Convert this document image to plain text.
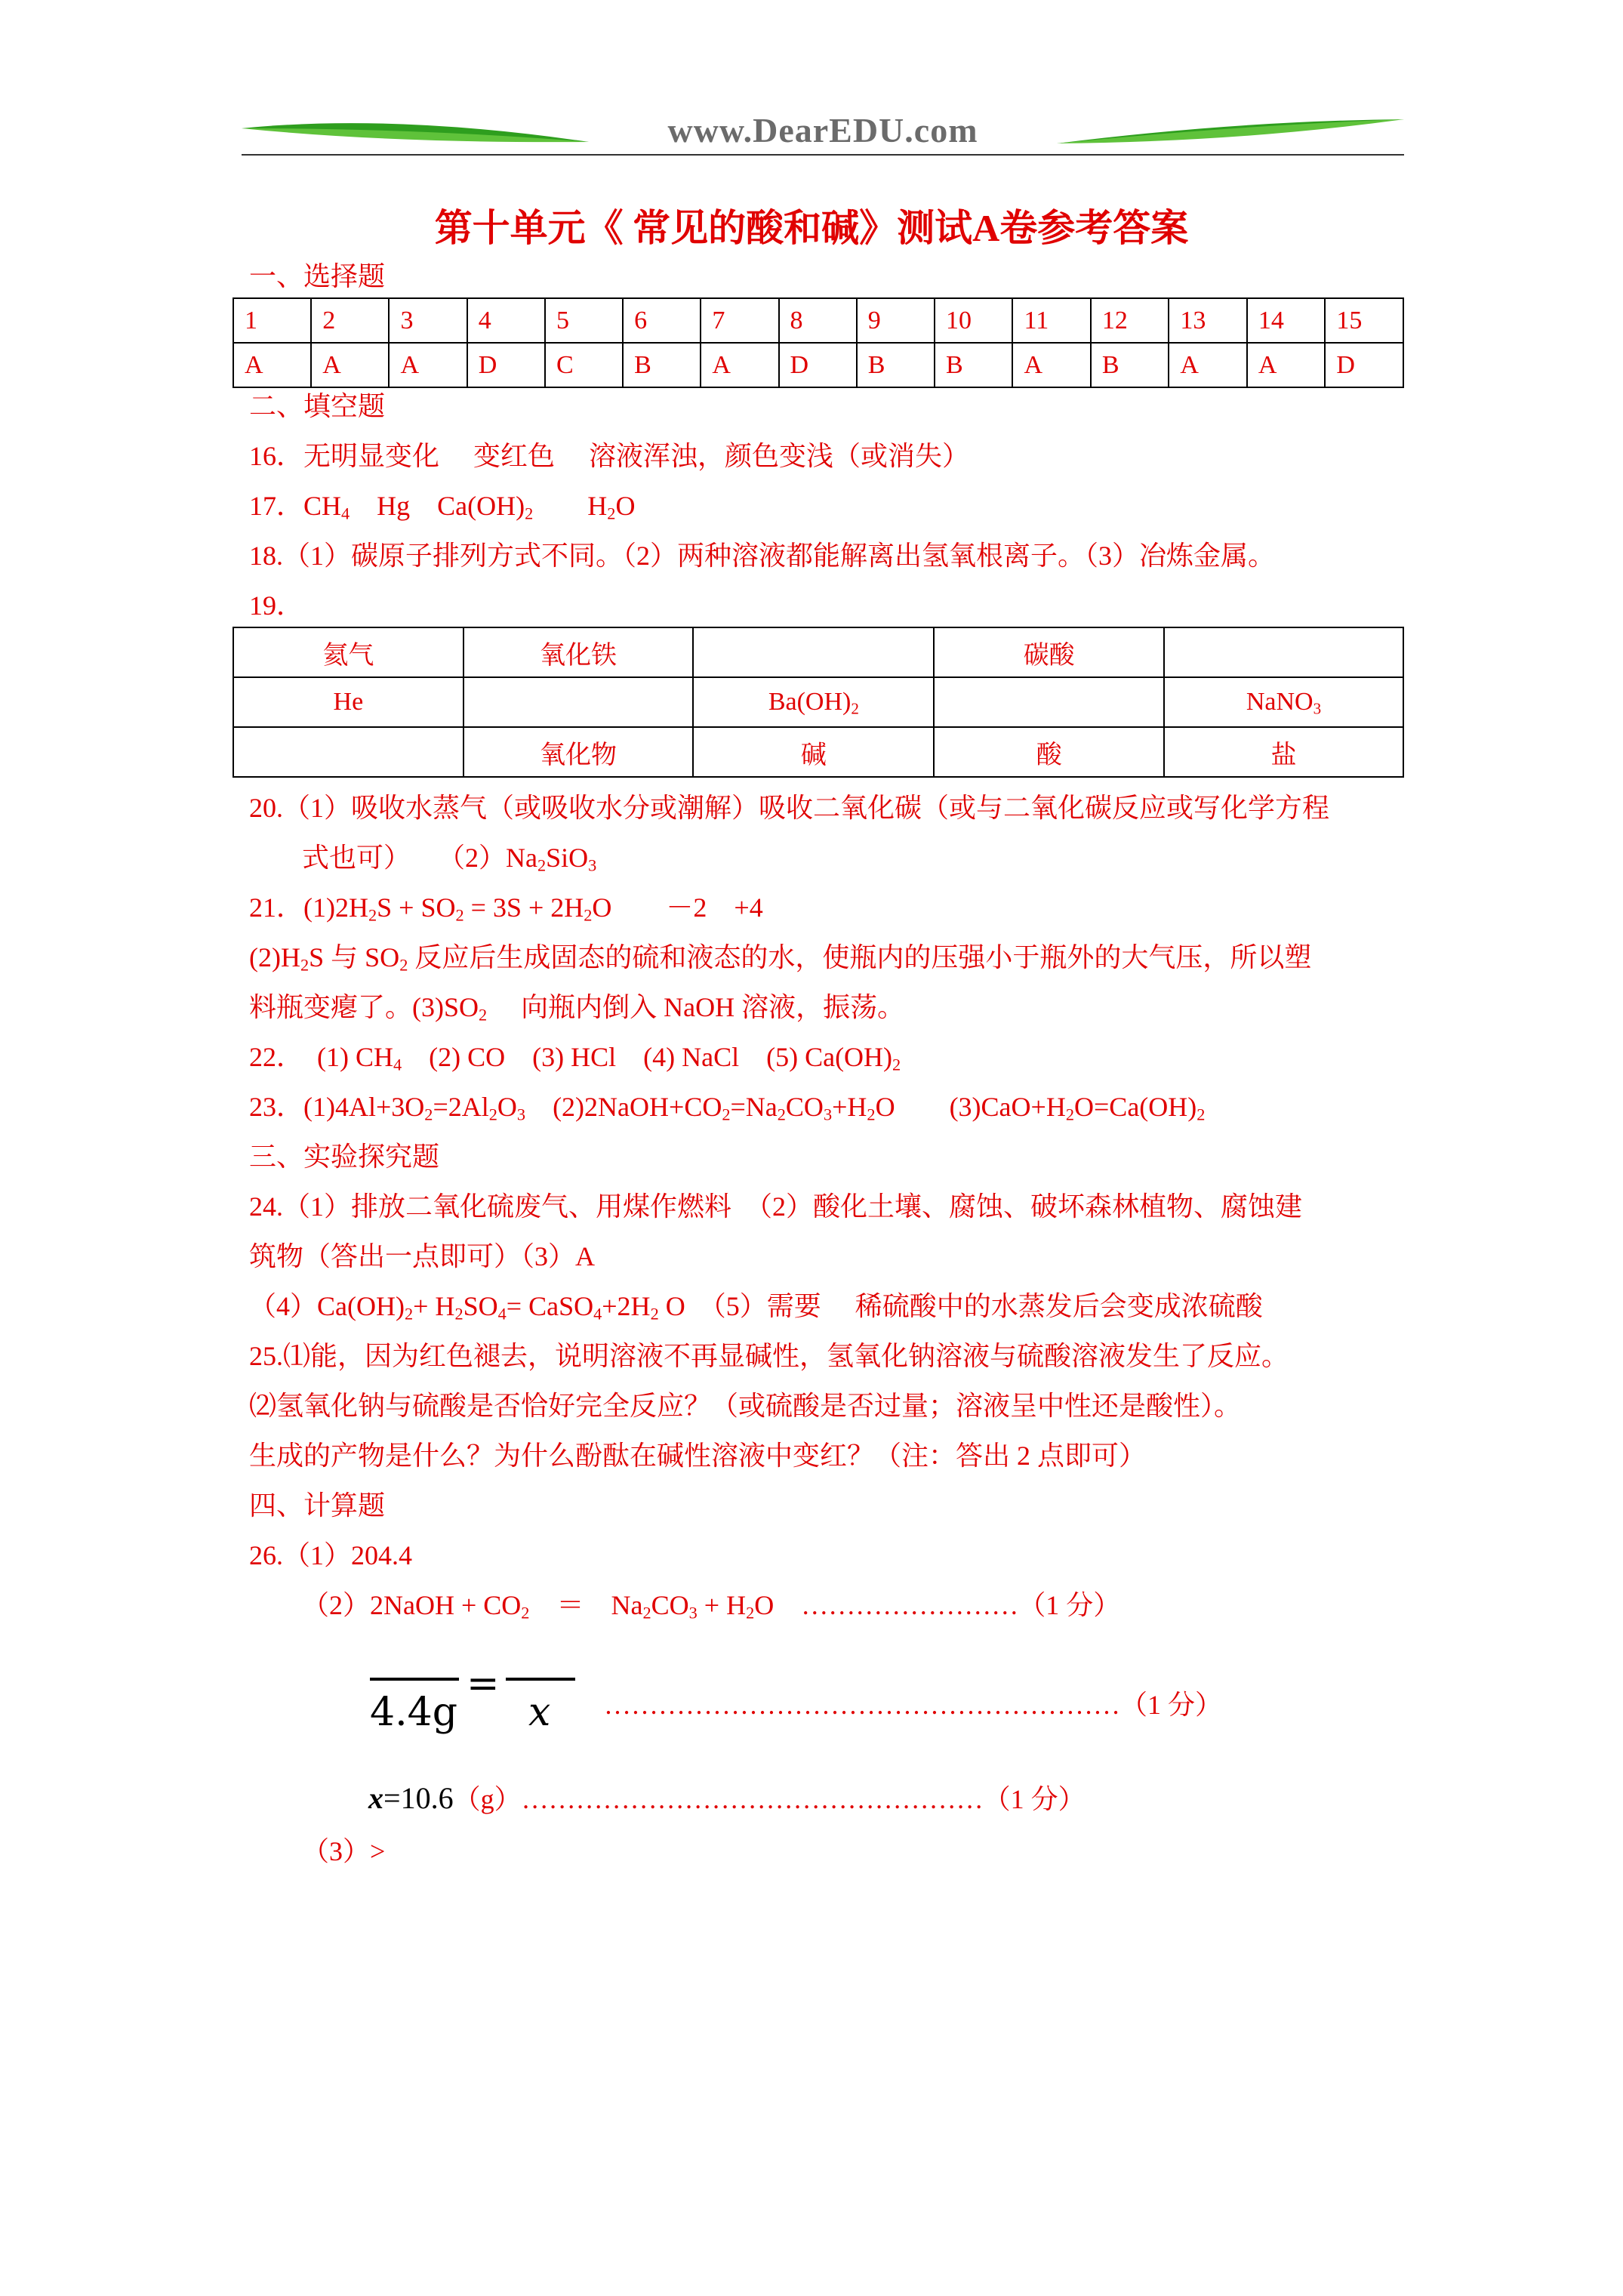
www.DearEDU.com
第十单元《 常见的酸和碱》测试A卷参考答案
一、选择题
1	2	3	4	5	6	7	8	9	10	11	12	13	14	15
A	A	A	D	C	B	A	D	B	B	A	B	A	A	D
二、填空题
16．无明显变化　 变红色　 溶液浑浊，颜色变浅（或消失）
17．$CH_4$　Hg　$Ca(OH)_2$　　$H_2O$
18.（1）碳原子排列方式不同。（2）两种溶液都能解离出氢氧根离子。（3）冶炼金属。
19．
氦气	氧化铁		碳酸	
He		$Ba(OH)_2$		NaNO$_3$
	氧化物	碱	酸	盐
20.（1）吸收水蒸气（或吸收水分或潮解）吸收二氧化碳（或与二氧化碳反应或写化学方程
式也可）　　$(2)Na_2SiO_3$
21．$(1)2H_2S + SO_2 = 3S + 2H_2O$　　－2　+4
$(2)H_2S$ 与 $SO_2$ 反应后生成固态的硫和液态的水，使瓶内的压强小于瓶外的大气压，所以塑
料瓶变瘪了。$(3)SO_2$　 向瓶内倒入 NaOH 溶液，振荡。
22．　(1) $CH_4$　(2) CO　(3) HCl　(4) NaCl　(5) $Ca(OH)_2$
23．$(1)4Al+3O_2=2Al_2O_3$　$(2)2NaOH+CO_2=Na_2CO_3+H_2O$　　$(3)CaO+H_2O=Ca(OH)_2$
三、实验探究题
24.（1）排放二氧化硫废气、用煤作燃料　（2）酸化土壤、腐蚀、破坏森林植物、腐蚀建
筑物（答出一点即可）（3）A
$(4)Ca(OH)_2+ H_2SO_4=$ $CaSO_4+2H_2$ O　（5）需要　 稀硫酸中的水蒸发后会变成浓硫酸
25.⑴能，因为红色褪去，说明溶液不再显碱性，氢氧化钠溶液与硫酸溶液发生了反应。
⑵氢氧化钠与硫酸是否恰好完全反应？（或硫酸是否过量；溶液呈中性还是酸性）。
生成的产物是什么？为什么酚酞在碱性溶液中变红？（注：答出 2 点即可）
四、计算题
26.（1）204.4
（2）2NaOH + $CO_2$　＝　$Na_2CO_3 + H_2O$　……………………（1 分）
4.4g
=
x …………………………………………………（1 分）
x=10.6（g）……………………………………………（1 分）
（3）>
